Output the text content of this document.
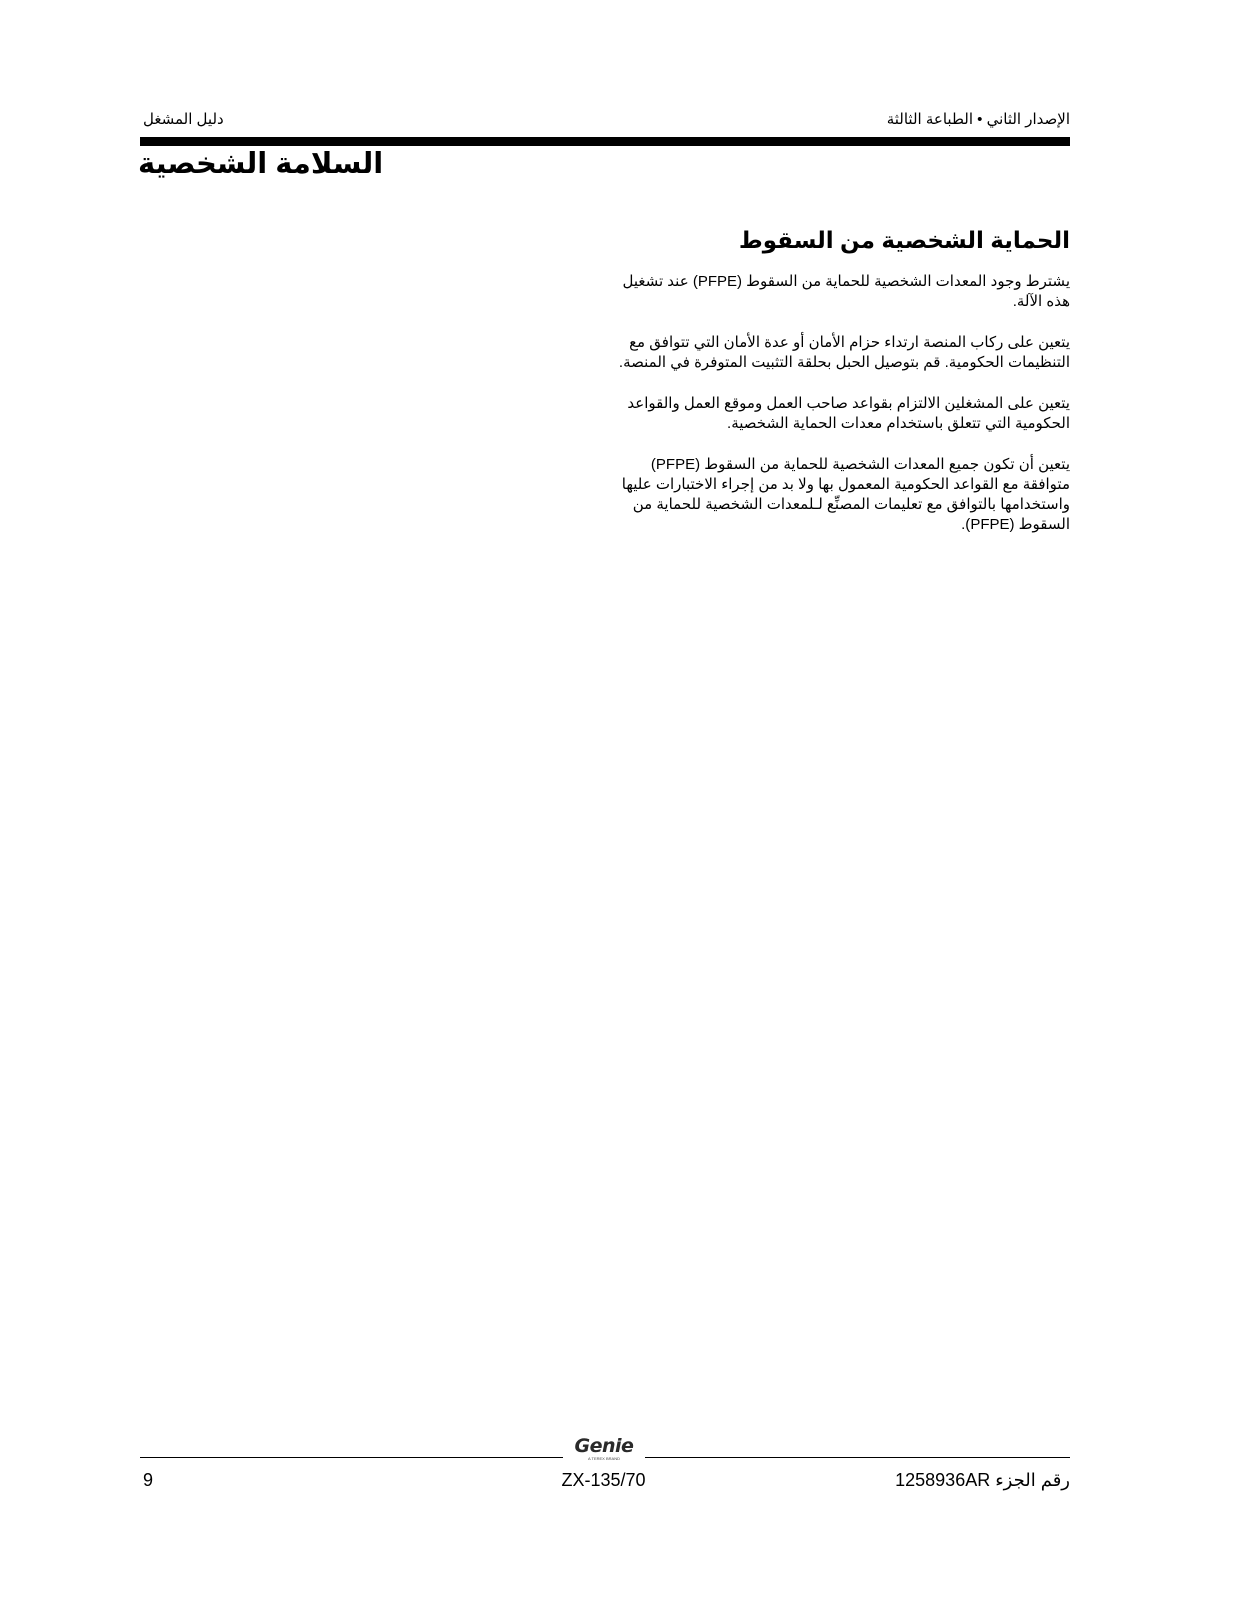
دليل المشغل	الإصدار الثاني • الطباعة الثالثة
السلامة الشخصية
الحماية الشخصية من السقوط

يشترط وجود المعدات الشخصية للحماية من السقوط (PFPE) عند تشغيل هذه الآلة.

يتعين على ركاب المنصة ارتداء حزام الأمان أو عدة الأمان التي تتوافق مع التنظيمات الحكومية. قم بتوصيل الحبل بحلقة التثبيت المتوفرة في المنصة.

يتعين على المشغلين الالتزام بقواعد صاحب العمل وموقع العمل والقواعد الحكومية التي تتعلق باستخدام معدات الحماية الشخصية.

يتعين أن تكون جميع المعدات الشخصية للحماية من السقوط (PFPE) متوافقة مع القواعد الحكومية المعمول بها ولا بد من إجراء الاختبارات عليها واستخدامها بالتوافق مع تعليمات المصنِّع لـلمعدات الشخصية للحماية من السقوط (PFPE).

Genie
A TEREX BRAND
9	ZX-135/70	رقم الجزء 1258936AR
